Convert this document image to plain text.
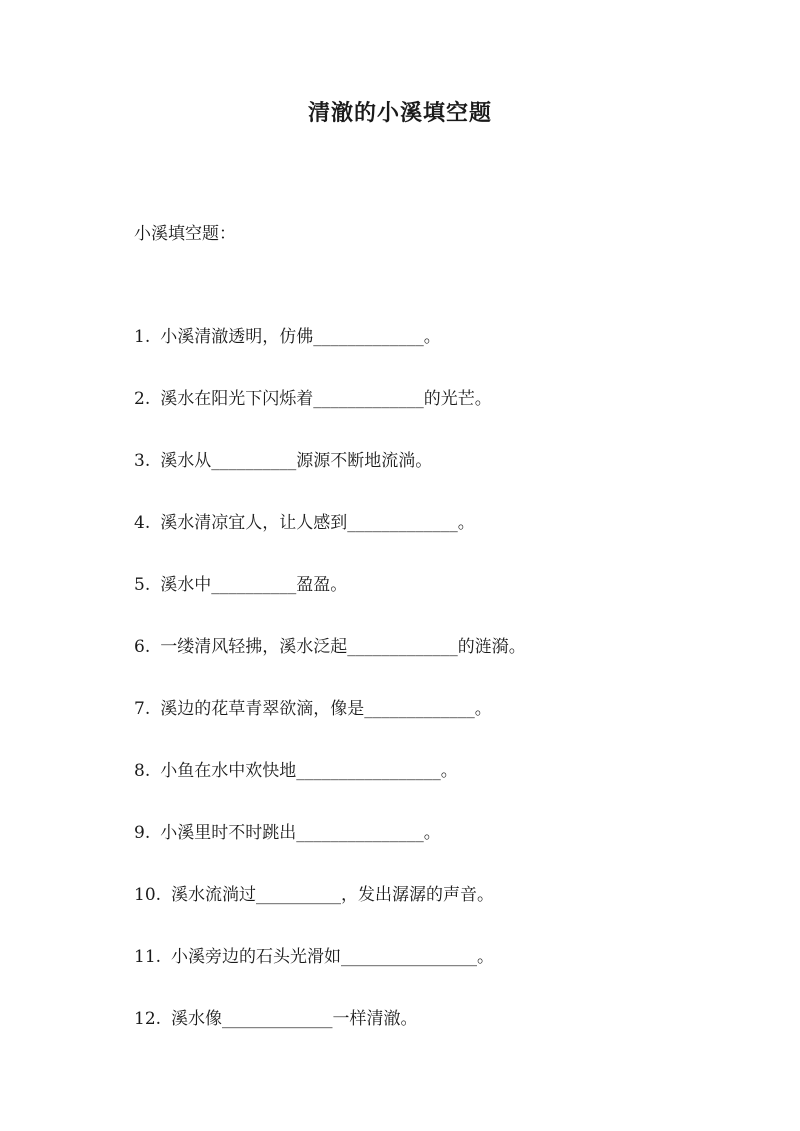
清澈的小溪填空题
小溪填空题：
1. 小溪清澈透明，仿佛_____________。
2. 溪水在阳光下闪烁着_____________的光芒。
3. 溪水从__________源源不断地流淌。
4. 溪水清凉宜人，让人感到_____________。
5. 溪水中__________盈盈。
6. 一缕清风轻拂，溪水泛起_____________的涟漪。
7. 溪边的花草青翠欲滴，像是_____________。
8. 小鱼在水中欢快地_________________。
9. 小溪里时不时跳出_______________。
10. 溪水流淌过__________，发出潺潺的声音。
11. 小溪旁边的石头光滑如________________。
12. 溪水像_____________一样清澈。
